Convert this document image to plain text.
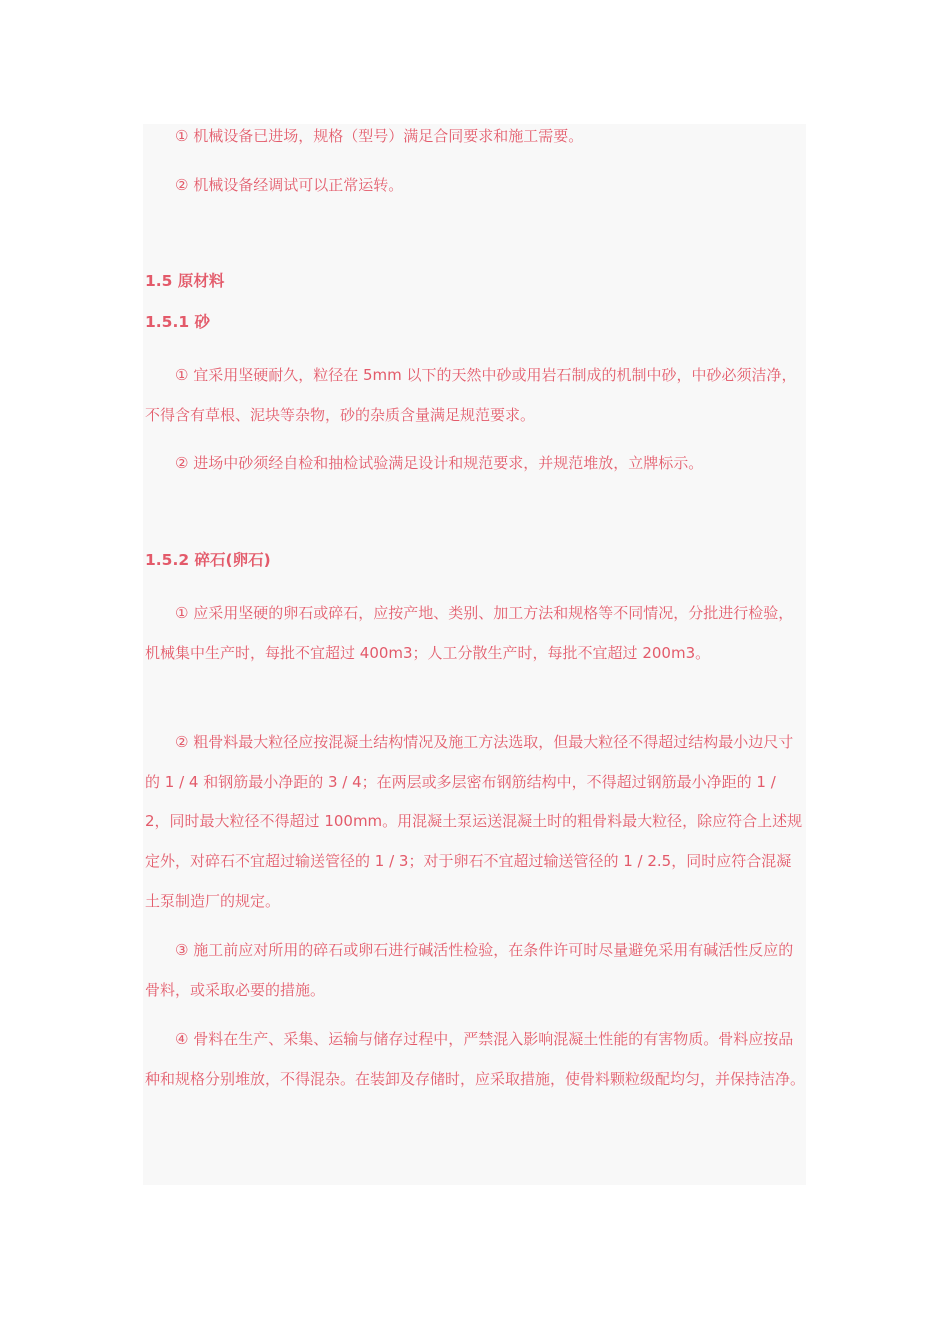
　　① 机械设备已进场，规格（型号）满足合同要求和施工需要。

　　② 机械设备经调试可以正常运转。

1.5 原材料
1.5.1 砂

　　① 宜采用坚硬耐久，粒径在 5mm 以下的天然中砂或用岩石制成的机制中砂，中砂必须洁净，不得含有草根、泥块等杂物，砂的杂质含量满足规范要求。

　　② 进场中砂须经自检和抽检试验满足设计和规范要求，并规范堆放，立牌标示。

1.5.2 碎石(卵石)

　　① 应采用坚硬的卵石或碎石，应按产地、类别、加工方法和规格等不同情况，分批进行检验，机械集中生产时，每批不宜超过 400m3；人工分散生产时，每批不宜超过 200m3。

　　② 粗骨料最大粒径应按混凝土结构情况及施工方法选取，但最大粒径不得超过结构最小边尺寸的 1 / 4 和钢筋最小净距的 3 / 4；在两层或多层密布钢筋结构中，不得超过钢筋最小净距的 1 / 2，同时最大粒径不得超过 100mm。用混凝土泵运送混凝土时的粗骨料最大粒径，除应符合上述规定外，对碎石不宜超过输送管径的 1 / 3；对于卵石不宜超过输送管径的 1 / 2.5，同时应符合混凝土泵制造厂的规定。

　　③ 施工前应对所用的碎石或卵石进行碱活性检验，在条件许可时尽量避免采用有碱活性反应的骨料，或采取必要的措施。

　　④ 骨料在生产、采集、运输与储存过程中，严禁混入影响混凝土性能的有害物质。骨料应按品种和规格分别堆放，不得混杂。在装卸及存储时，应采取措施，使骨料颗粒级配均匀，并保持洁净。
